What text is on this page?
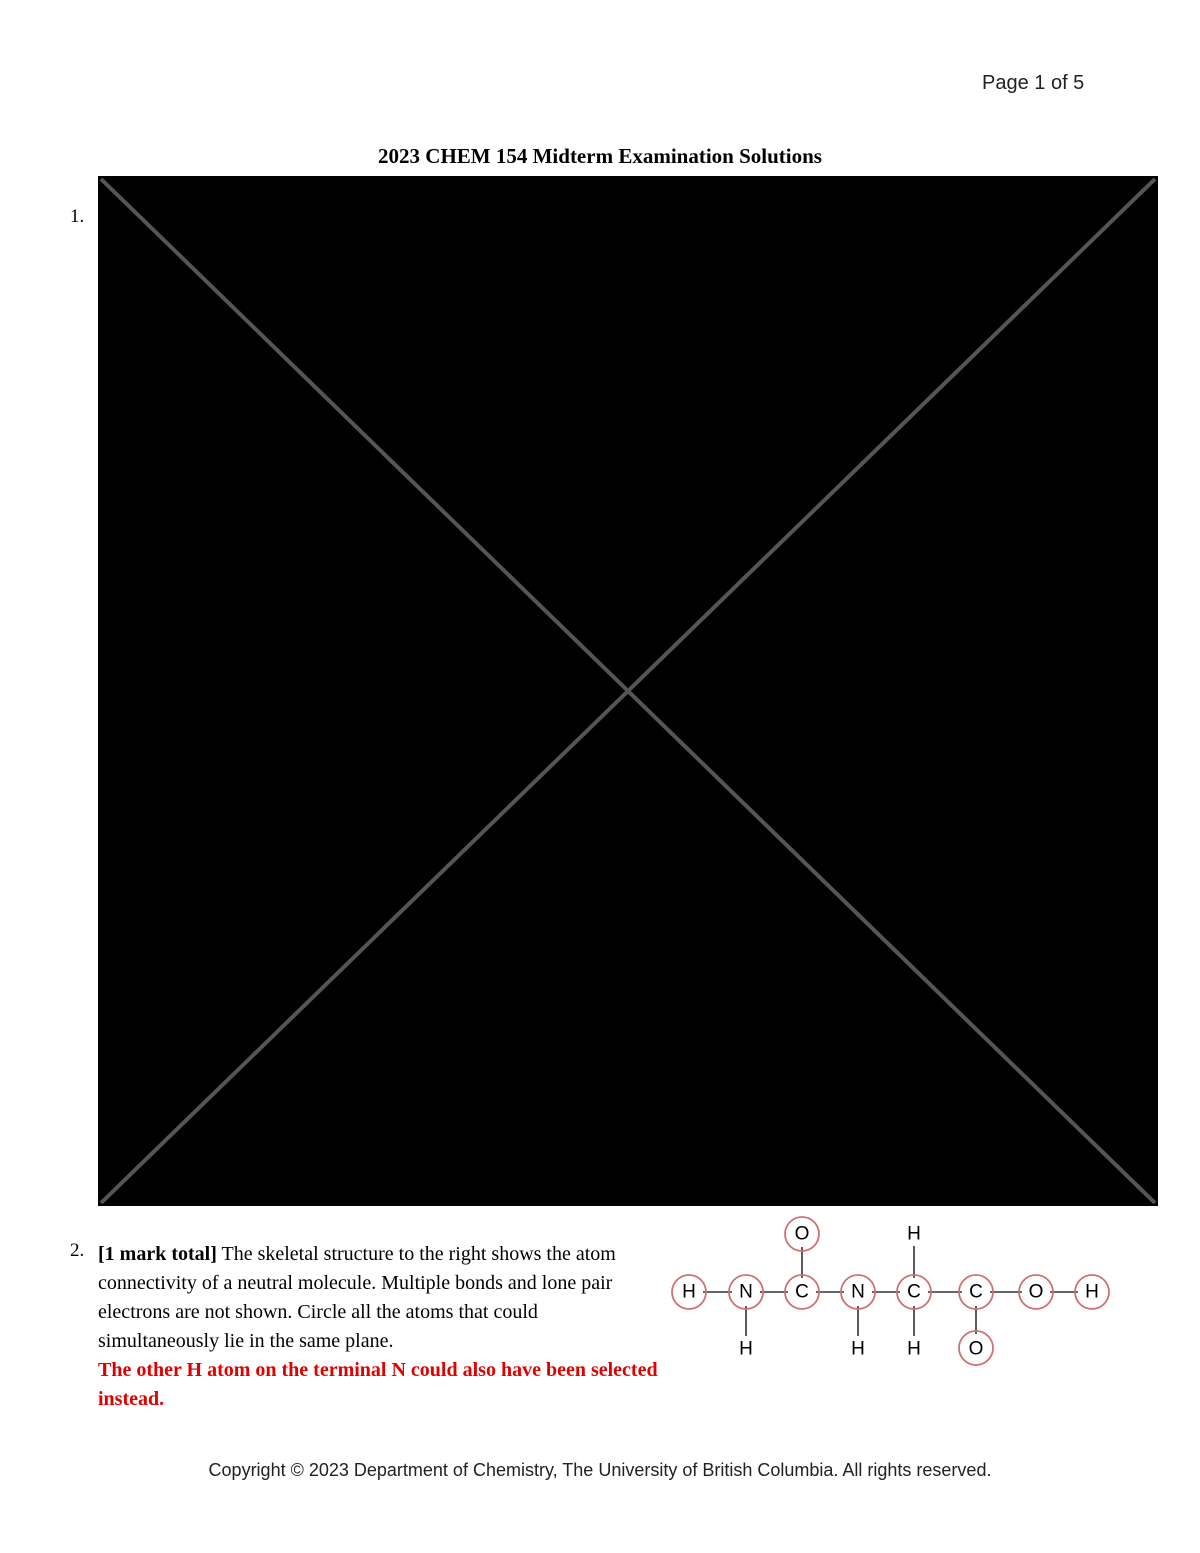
Page 1 of 5
2023 CHEM 154 Midterm Examination Solutions
1.
2. [1 mark total] The skeletal structure to the right shows the atom connectivity of a neutral molecule. Multiple bonds and lone pair electrons are not shown. Circle all the atoms that could simultaneously lie in the same plane.
The other H atom on the terminal N could also have been selected instead.
H N C N C	C O H
O	H
H	H H	O
Copyright © 2023 Department of Chemistry, The University of British Columbia. All rights reserved.
